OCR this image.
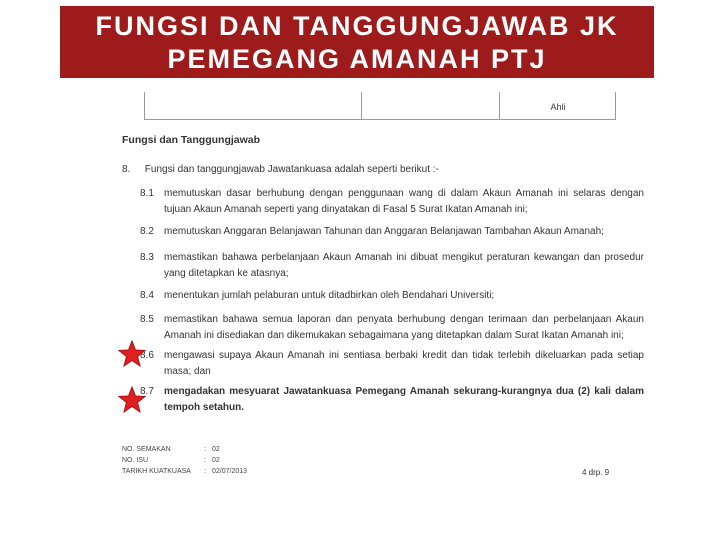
FUNGSI DAN TANGGUNGJAWAB JK
PEMEGANG AMANAH PTJ
Ahli
Fungsi dan Tanggungjawab
8. Fungsi dan tanggungjawab Jawatankuasa adalah seperti berikut :-
8.1	memutuskan dasar berhubung dengan penggunaan wang di dalam Akaun Amanah ini selaras dengan tujuan Akaun Amanah seperti yang dinyatakan di Fasal 5 Surat Ikatan Amanah ini;
8.2	memutuskan Anggaran Belanjawan Tahunan dan Anggaran Belanjawan Tambahan Akaun Amanah;
8.3	memastikan bahawa perbelanjaan Akaun Amanah ini dibuat mengikut peraturan kewangan dan prosedur yang ditetapkan ke atasnya;
8.4	menentukan jumlah pelaburan untuk ditadbirkan oleh Bendahari Universiti;
8.5	memastikan bahawa semua laporan dan penyata berhubung dengan terimaan dan perbelanjaan Akaun Amanah ini disediakan dan dikemukakan sebagaimana yang ditetapkan dalam Surat Ikatan Amanah ini;
8.6	mengawasi supaya Akaun Amanah ini sentiasa berbaki kredit dan tidak terlebih dikeluarkan pada setiap masa; dan
8.7	mengadakan mesyuarat Jawatankuasa Pemegang Amanah sekurang-kurangnya dua (2) kali dalam tempoh setahun.
NO. SEMAKAN	: 02
NO. ISU	: 02
TARIKH KUATKUASA	: 02/07/2013	4 drp. 9
